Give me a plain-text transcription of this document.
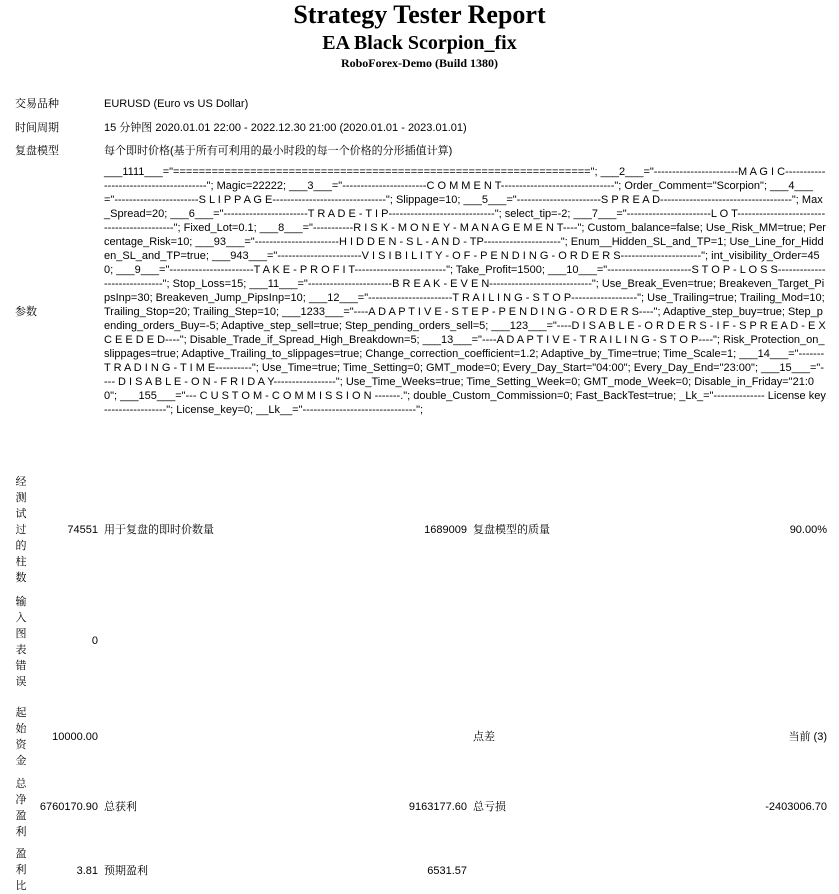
Strategy Tester Report
EA Black Scorpion_fix
RoboForex-Demo (Build 1380)
交易品种	EURUSD (Euro vs US Dollar)
时间周期	15 分钟图 2020.01.01 22:00 - 2022.12.30 21:00 (2020.01.01 - 2023.01.01)
复盘模型	每个即时价格(基于所有可利用的最小时段的每一个价格的分形插值计算)
参数
___1111___="================================================================="; ___2___="-----------------------M A G I C---------------------------------------"; Magic=22222; ___3___="-----------------------C O M M E N T-------------------------------"; Order_Comment="Scorpion"; ___4___="-----------------------S L I P P A G E-------------------------------"; Slippage=10; ___5___="-----------------------S P R E A D------------------------------------"; Max_Spread=20; ___6___="-----------------------T R A D E - T I P-----------------------------"; select_tip=-2; ___7___="-----------------------L O T-------------------------------------------"; Fixed_Lot=0.1; ___8___="-----------R I S K - M O N E Y - M A N A G E M E N T----"; Custom_balance=false; Use_Risk_MM=true; Percentage_Risk=10; ___93___="-----------------------H I D D E N - S L - A N D - TP---------------------"; Enum__Hidden_SL_and_TP=1; Use_Line_for_Hidden_SL_and_TP=true; ___943___="-----------------------V I S I B I L I T Y - O F - P E N D I N G - O R D E R S----------------------"; int_visibility_Order=450; ___9___="-----------------------T A K E - P R O F I T-------------------------"; Take_Profit=1500; ___10___="-----------------------S T O P - L O S S-----------------------------"; Stop_Loss=15; ___11___="-----------------------B R E A K - E V E N----------------------------"; Use_Break_Even=true; Breakeven_Target_PipsInp=30; Breakeven_Jump_PipsInp=10; ___12___="-----------------------T R A I L I N G - S T O P------------------"; Use_Trailing=true; Trailing_Mod=10; Trailing_Stop=20; Trailing_Step=10; ___1233___="----A D A P T I V E - S T E P - P E N D I N G - O R D E R S----"; Adaptive_step_buy=true; Step_pending_orders_Buy=-5; Adaptive_step_sell=true; Step_pending_orders_sell=5; ___123___="----D I S A B L E - O R D E R S - I F - S P R E A D - E X C E E D E D----"; Disable_Trade_if_Spread_High_Breakdown=5; ___13___="----A D A P T I V E - T R A I L I N G - S T O P----"; Risk_Protection_on_slippages=true; Adaptive_Trailing_to_slippages=true; Change_correction_coefficient=1.2; Adaptive_by_Time=true; Time_Scale=1; ___14___="-------T R A D I N G - T I M E----------"; Use_Time=true; Time_Setting=0; GMT_mode=0; Every_Day_Start="04:00"; Every_Day_End="23:00"; ___15___="---- D I S A B L E - O N - F R I D A Y-----------------"; Use_Time_Weeks=true; Time_Setting_Week=0; GMT_mode_Week=0; Disable_in_Friday="21:00"; ___155___="--- C U S T O M - C O M M I S S I O N -------."; double_Custom_Commission=0; Fast_BackTest=true; _Lk_="-------------- License key -----------------"; License_key=0; __Lk__="-------------------------------";
经
测
试
过
的
柱
数
74551 用于复盘的即时价数量	1689009 复盘模型的质量	90.00%
输
入
图
表
错
误
0
起
始
资
金
10000.00	点差	当前 (3)
总
净
盈
利
6760170.90 总获利	9163177.60 总亏损	-2403006.70
盈
利
比
3.81 预期盈利	6531.57
